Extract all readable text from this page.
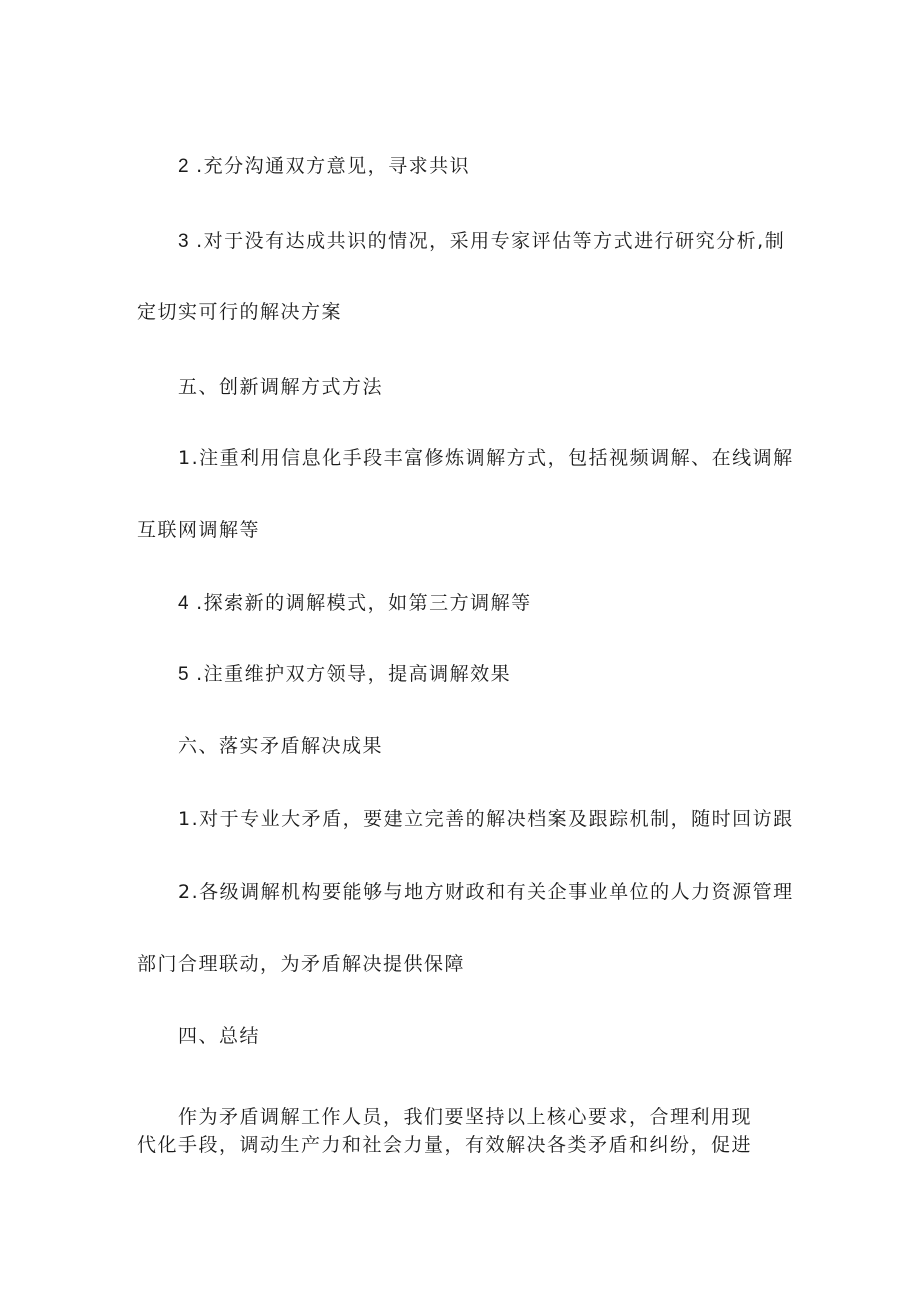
2 .充分沟通双方意见，寻求共识
3 .对于没有达成共识的情况，采用专家评估等方式进行研究分析,制
定切实可行的解决方案
五、创新调解方式方法
1.注重利用信息化手段丰富修炼调解方式，包括视频调解、在线调解
互联网调解等
4 .探索新的调解模式，如第三方调解等
5 .注重维护双方领导，提高调解效果
六、落实矛盾解决成果
1.对于专业大矛盾，要建立完善的解决档案及跟踪机制，随时回访跟
2.各级调解机构要能够与地方财政和有关企事业单位的人力资源管理
部门合理联动，为矛盾解决提供保障
四、总结
作为矛盾调解工作人员，我们要坚持以上核心要求，合理利用现
代化手段，调动生产力和社会力量，有效解决各类矛盾和纠纷，促进
